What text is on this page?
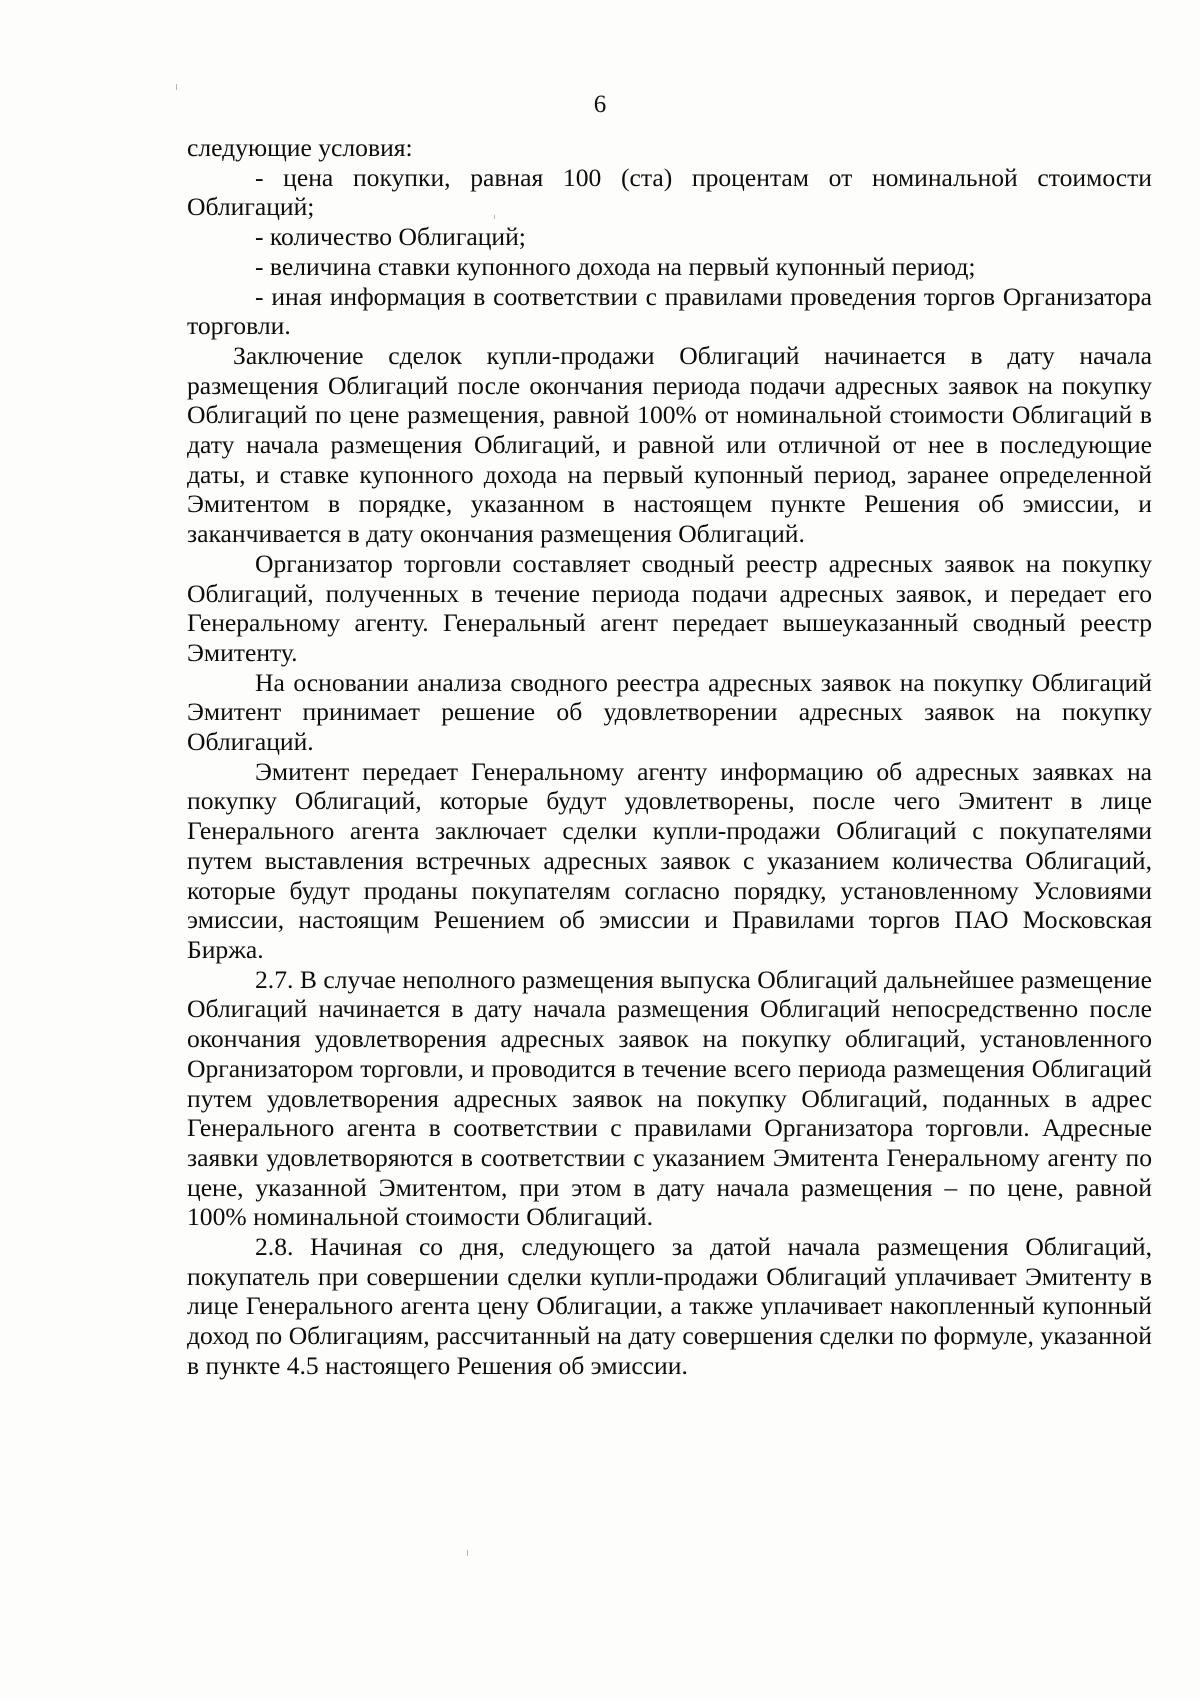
6

следующие условия:

- цена покупки, равная 100 (ста) процентам от номинальной стоимости Облигаций;

- количество Облигаций;

- величина ставки купонного дохода на первый купонный период;

- иная информация в соответствии с правилами проведения торгов Организатора торговли.

Заключение сделок купли-продажи Облигаций начинается в дату начала размещения Облигаций после окончания периода подачи адресных заявок на покупку Облигаций по цене размещения, равной 100% от номинальной стоимости Облигаций в дату начала размещения Облигаций, и равной или отличной от нее в последующие даты, и ставке купонного дохода на первый купонный период, заранее определенной Эмитентом в порядке, указанном в настоящем пункте Решения об эмиссии, и заканчивается в дату окончания размещения Облигаций.

Организатор торговли составляет сводный реестр адресных заявок на покупку Облигаций, полученных в течение периода подачи адресных заявок, и передает его Генеральному агенту. Генеральный агент передает вышеуказанный сводный реестр Эмитенту.

На основании анализа сводного реестра адресных заявок на покупку Облигаций Эмитент принимает решение об удовлетворении адресных заявок на покупку Облигаций.

Эмитент передает Генеральному агенту информацию об адресных заявках на покупку Облигаций, которые будут удовлетворены, после чего Эмитент в лице Генерального агента заключает сделки купли-продажи Облигаций с покупателями путем выставления встречных адресных заявок с указанием количества Облигаций, которые будут проданы покупателям согласно порядку, установленному Условиями эмиссии, настоящим Решением об эмиссии и Правилами торгов ПАО Московская Биржа.

2.7. В случае неполного размещения выпуска Облигаций дальнейшее размещение Облигаций начинается в дату начала размещения Облигаций непосредственно после окончания удовлетворения адресных заявок на покупку облигаций, установленного Организатором торговли, и проводится в течение всего периода размещения Облигаций путем удовлетворения адресных заявок на покупку Облигаций, поданных в адрес Генерального агента в соответствии с правилами Организатора торговли. Адресные заявки удовлетворяются в соответствии с указанием Эмитента Генеральному агенту по цене, указанной Эмитентом, при этом в дату начала размещения – по цене, равной 100% номинальной стоимости Облигаций.

2.8. Начиная со дня, следующего за датой начала размещения Облигаций, покупатель при совершении сделки купли-продажи Облигаций уплачивает Эмитенту в лице Генерального агента цену Облигации, а также уплачивает накопленный купонный доход по Облигациям, рассчитанный на дату совершения сделки по формуле, указанной в пункте 4.5 настоящего Решения об эмиссии.
